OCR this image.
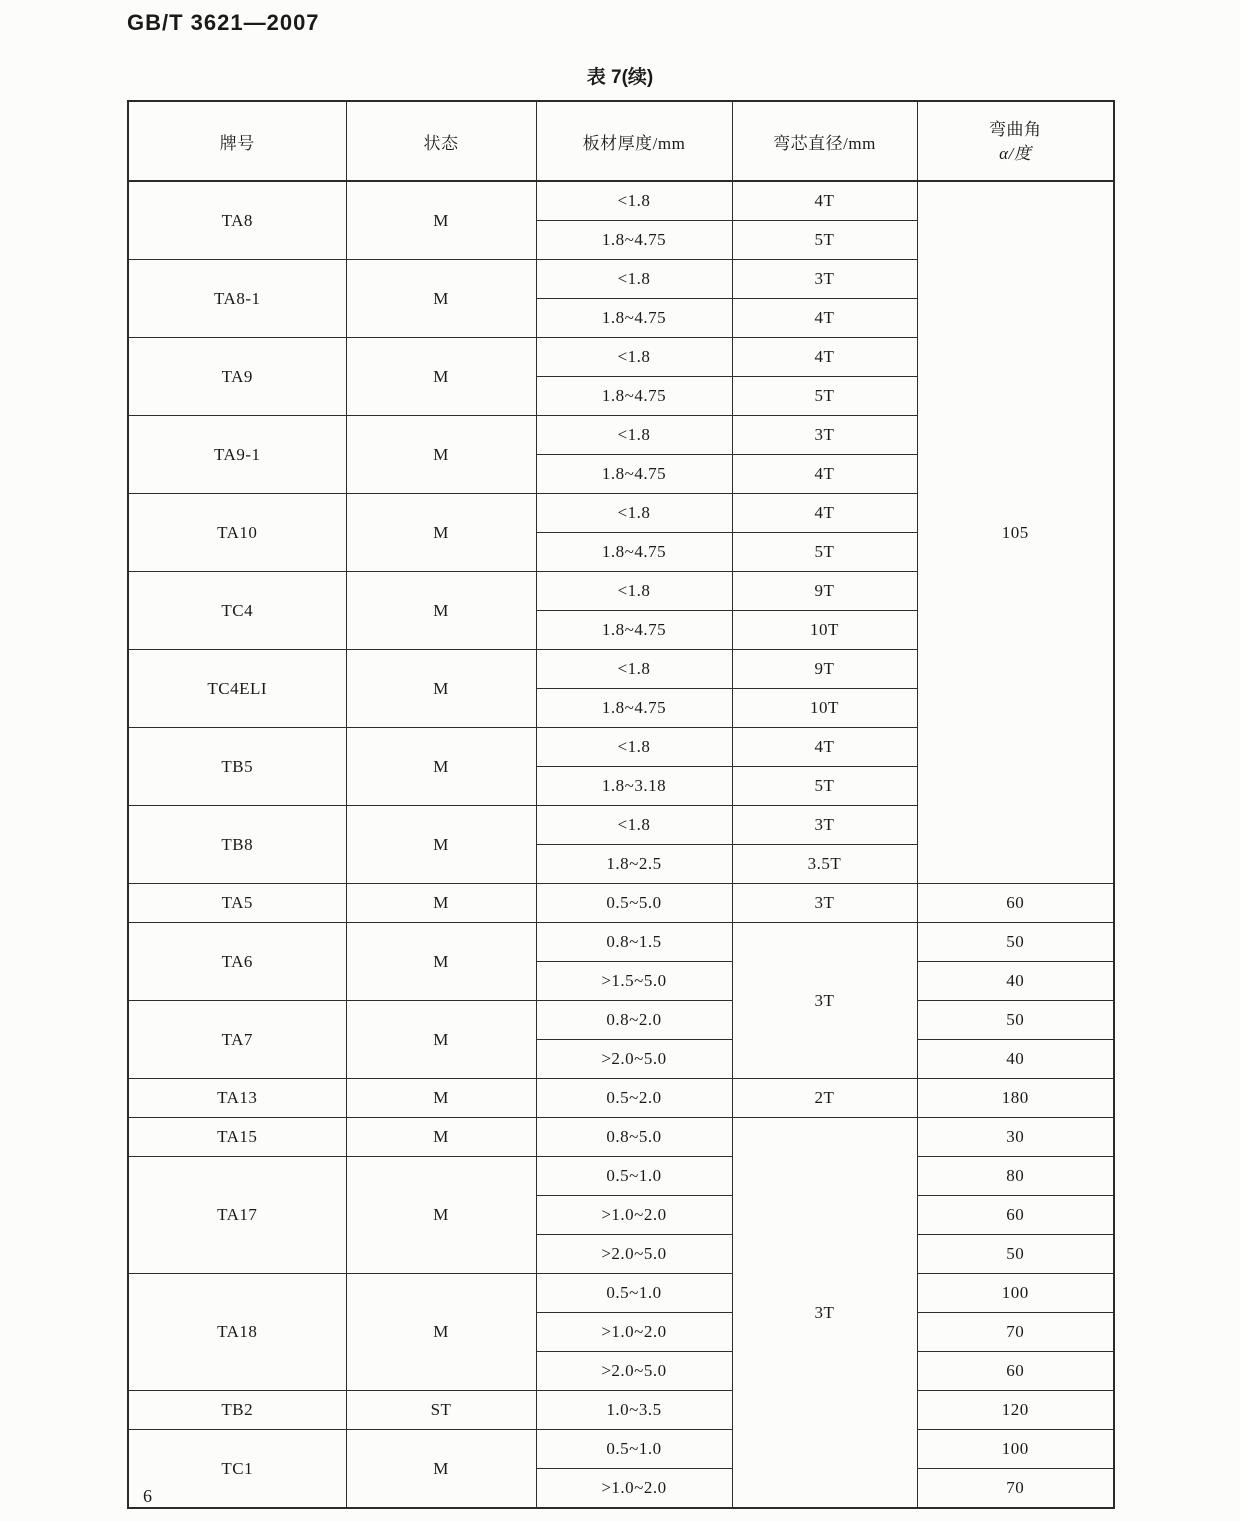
GB/T 3621—2007
表 7(续)
牌号	状态	板材厚度/mm	弯芯直径/mm	弯曲角
α/度

TA8	M	<1.8	4T	105
		1.8~4.75	5T	
TA8-1	M	<1.8	3T	
		1.8~4.75	4T	
TA9	M	<1.8	4T	
		1.8~4.75	5T	
TA9-1	M	<1.8	3T	
		1.8~4.75	4T	
TA10	M	<1.8	4T	
		1.8~4.75	5T	
TC4	M	<1.8	9T	
		1.8~4.75	10T	
TC4ELI	M	<1.8	9T	
		1.8~4.75	10T	
TB5	M	<1.8	4T	
		1.8~3.18	5T	
TB8	M	<1.8	3T	
		1.8~2.5	3.5T	
TA5	M	0.5~5.0	3T	60
TA6	M	0.8~1.5	3T	50
		>1.5~5.0		40
TA7	M	0.8~2.0		50
		>2.0~5.0		40
TA13	M	0.5~2.0	2T	180
TA15	M	0.8~5.0	3T	30
TA17	M	0.5~1.0		80
		>1.0~2.0		60
		>2.0~5.0		50
TA18	M	0.5~1.0		100
		>1.0~2.0		70
		>2.0~5.0		60
TB2	ST	1.0~3.5		120
TC1	M	0.5~1.0		100
		>1.0~2.0		70
6
